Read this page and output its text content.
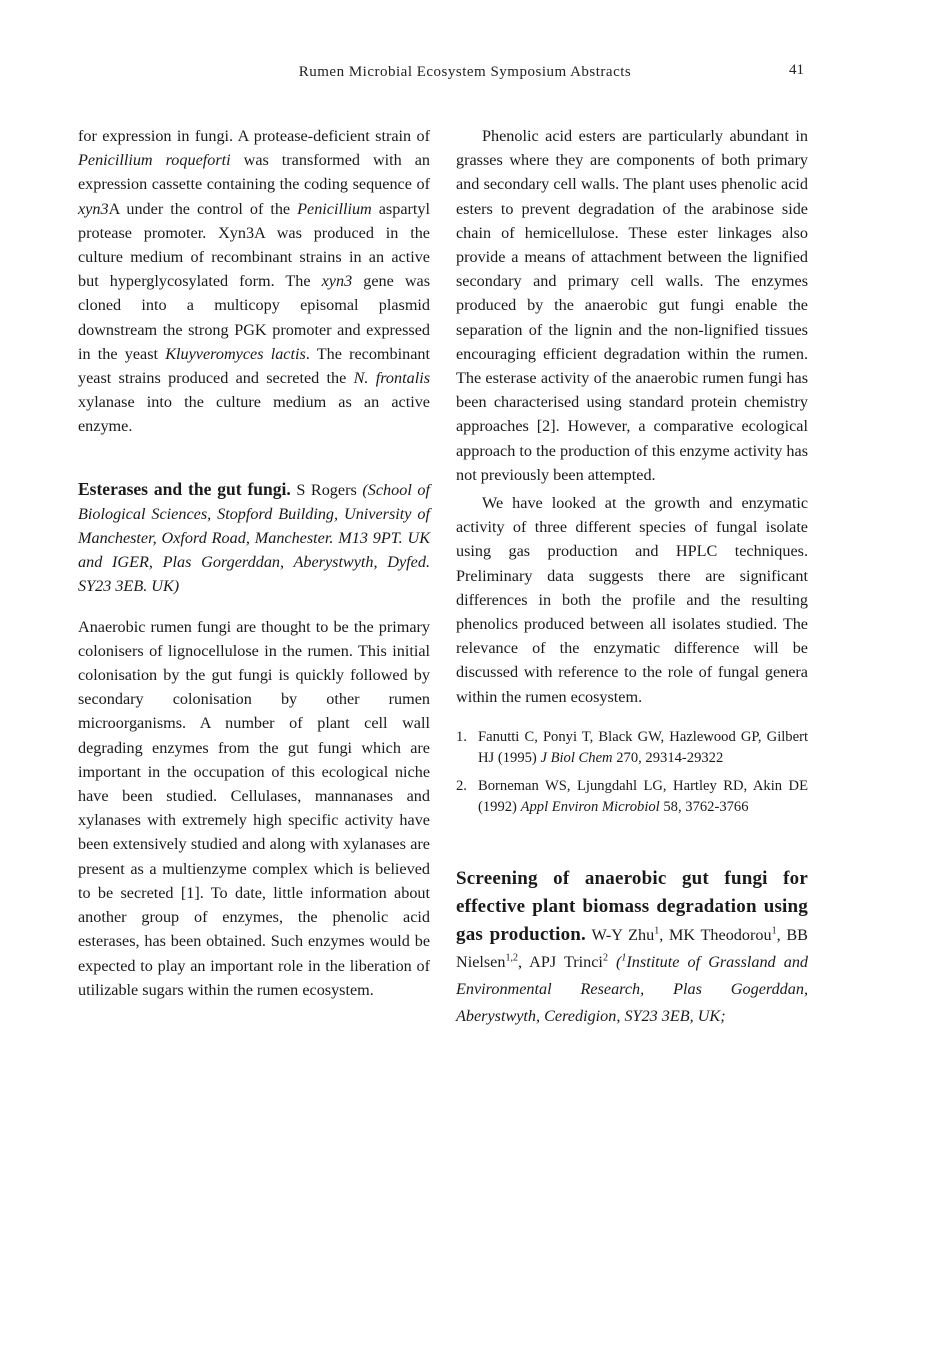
Rumen Microbial Ecosystem Symposium Abstracts	41

for expression in fungi. A protease-deficient strain of Penicillium roqueforti was transformed with an expression cassette containing the coding sequence of xyn3A under the control of the Penicillium aspartyl protease promoter. Xyn3A was produced in the culture medium of recombinant strains in an active but hyperglycosylated form. The xyn3 gene was cloned into a multicopy episomal plasmid downstream the strong PGK promoter and expressed in the yeast Kluyveromyces lactis. The recombinant yeast strains produced and secreted the N. frontalis xylanase into the culture medium as an active enzyme.

Esterases and the gut fungi. S Rogers (School of Biological Sciences, Stopford Building, University of Manchester, Oxford Road, Manchester. M13 9PT. UK and IGER, Plas Gorgerddan, Aberystwyth, Dyfed. SY23 3EB. UK)

Anaerobic rumen fungi are thought to be the primary colonisers of lignocellulose in the rumen. This initial colonisation by the gut fungi is quickly followed by secondary colonisation by other rumen microorganisms. A number of plant cell wall degrading enzymes from the gut fungi which are important in the occupation of this ecological niche have been studied. Cellulases, mannanases and xylanases with extremely high specific activity have been extensively studied and along with xylanases are present as a multienzyme complex which is believed to be secreted [1]. To date, little information about another group of enzymes, the phenolic acid esterases, has been obtained. Such enzymes would be expected to play an important role in the liberation of utilizable sugars within the rumen ecosystem.

Phenolic acid esters are particularly abundant in grasses where they are components of both primary and secondary cell walls. The plant uses phenolic acid esters to prevent degradation of the arabinose side chain of hemicellulose. These ester linkages also provide a means of attachment between the lignified secondary and primary cell walls. The enzymes produced by the anaerobic gut fungi enable the separation of the lignin and the non-lignified tissues encouraging efficient degradation within the rumen. The esterase activity of the anaerobic rumen fungi has been characterised using standard protein chemistry approaches [2]. However, a comparative ecological approach to the production of this enzyme activity has not previously been attempted.

We have looked at the growth and enzymatic activity of three different species of fungal isolate using gas production and HPLC techniques. Preliminary data suggests there are significant differences in both the profile and the resulting phenolics produced between all isolates studied. The relevance of the enzymatic difference will be discussed with reference to the role of fungal genera within the rumen ecosystem.

1. Fanutti C, Ponyi T, Black GW, Hazlewood GP, Gilbert HJ (1995) J Biol Chem 270, 29314-29322
2. Borneman WS, Ljungdahl LG, Hartley RD, Akin DE (1992) Appl Environ Microbiol 58, 3762-3766

Screening of anaerobic gut fungi for effective plant biomass degradation using gas production. W-Y Zhu$^1$, MK Theodorou$^1$, BB Nielsen$^{1,2}$, APJ Trinci$^2$ ($^1$Institute of Grassland and Environmental Research, Plas Gogerddan, Aberystwyth, Ceredigion, SY23 3EB, UK;
